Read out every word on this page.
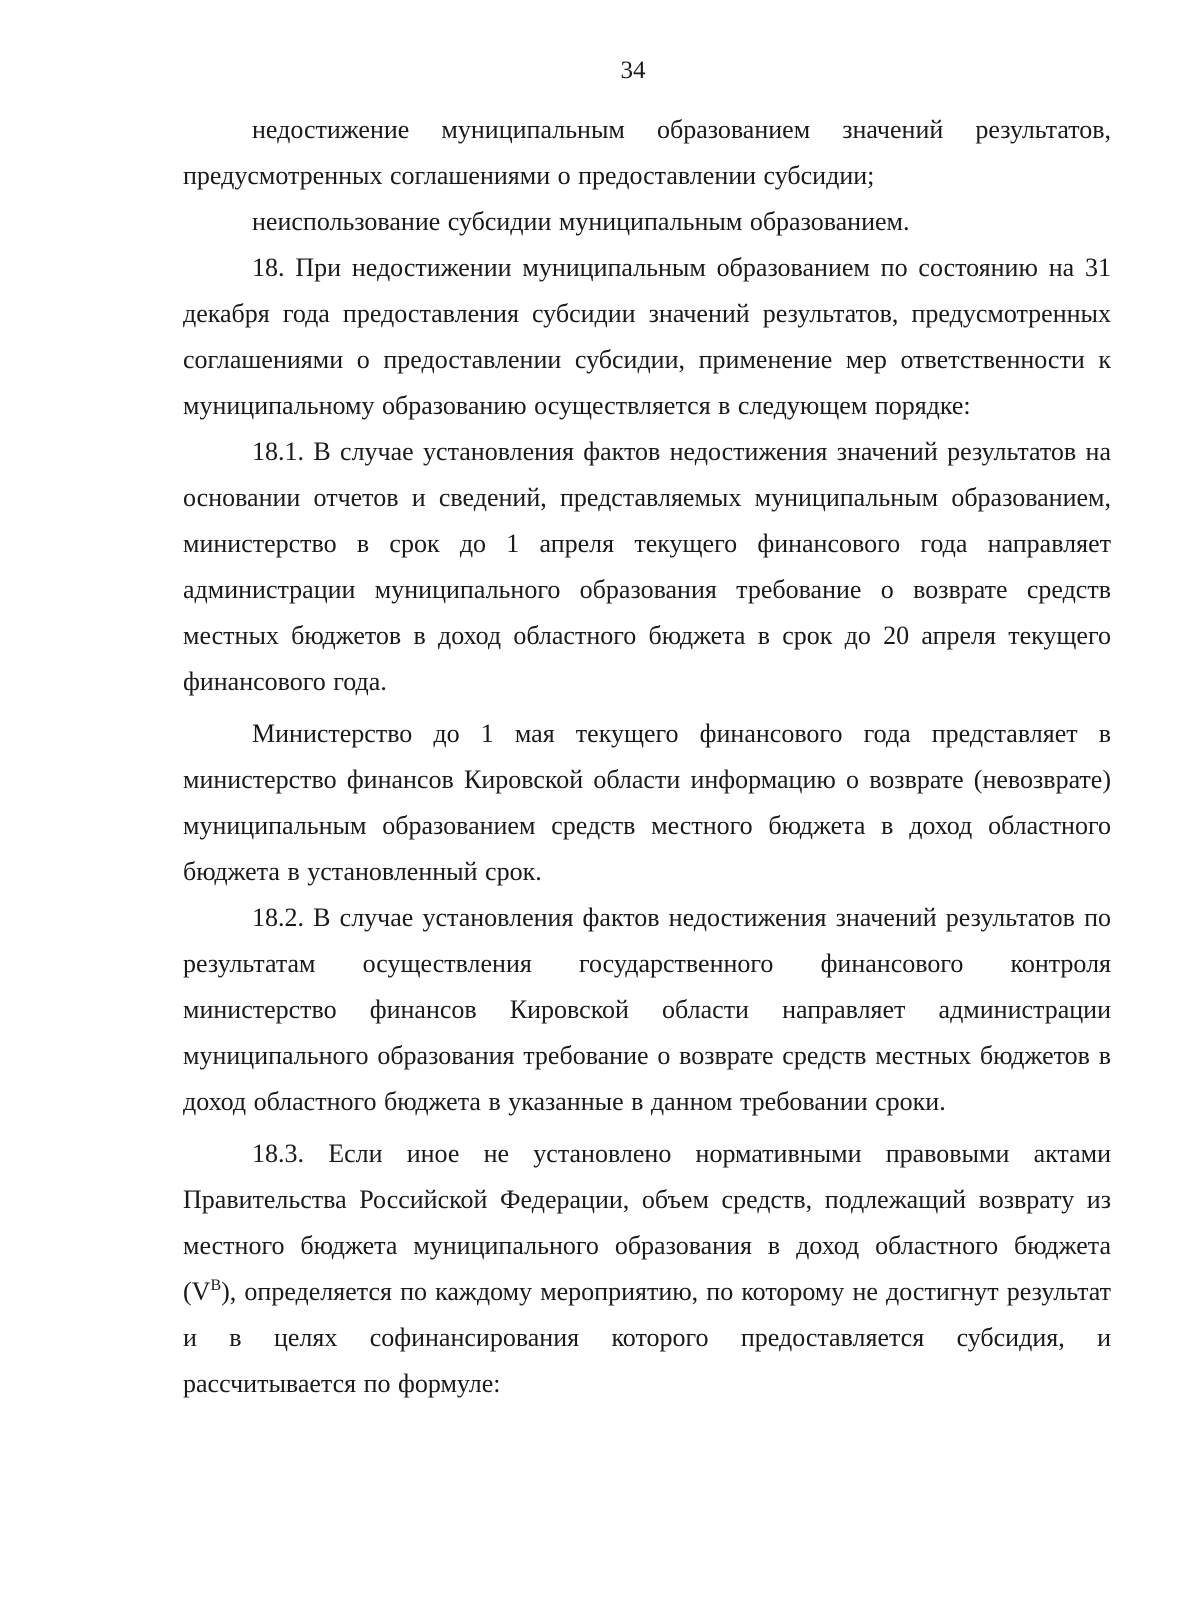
34

недостижение муниципальным образованием значений результатов, предусмотренных соглашениями о предоставлении субсидии;

неиспользование субсидии муниципальным образованием.

18. При недостижении муниципальным образованием по состоянию на 31 декабря года предоставления субсидии значений результатов, предусмотренных соглашениями о предоставлении субсидии, применение мер ответственности к муниципальному образованию осуществляется в следующем порядке:

18.1. В случае установления фактов недостижения значений результатов на основании отчетов и сведений, представляемых муниципальным образованием, министерство в срок до 1 апреля текущего финансового года направляет администрации муниципального образования требование о возврате средств местных бюджетов в доход областного бюджета в срок до 20 апреля текущего финансового года.

Министерство до 1 мая текущего финансового года представляет в министерство финансов Кировской области информацию о возврате (невозврате) муниципальным образованием средств местного бюджета в доход областного бюджета в установленный срок.

18.2. В случае установления фактов недостижения значений результатов по результатам осуществления государственного финансового контроля министерство финансов Кировской области направляет администрации муниципального образования требование о возврате средств местных бюджетов в доход областного бюджета в указанные в данном требовании сроки.

18.3. Если иное не установлено нормативными правовыми актами Правительства Российской Федерации, объем средств, подлежащий возврату из местного бюджета муниципального образования в доход областного бюджета $(V^В)$, определяется по каждому мероприятию, по которому не достигнут результат и в целях софинансирования которого предоставляется субсидия, и рассчитывается по формуле:
